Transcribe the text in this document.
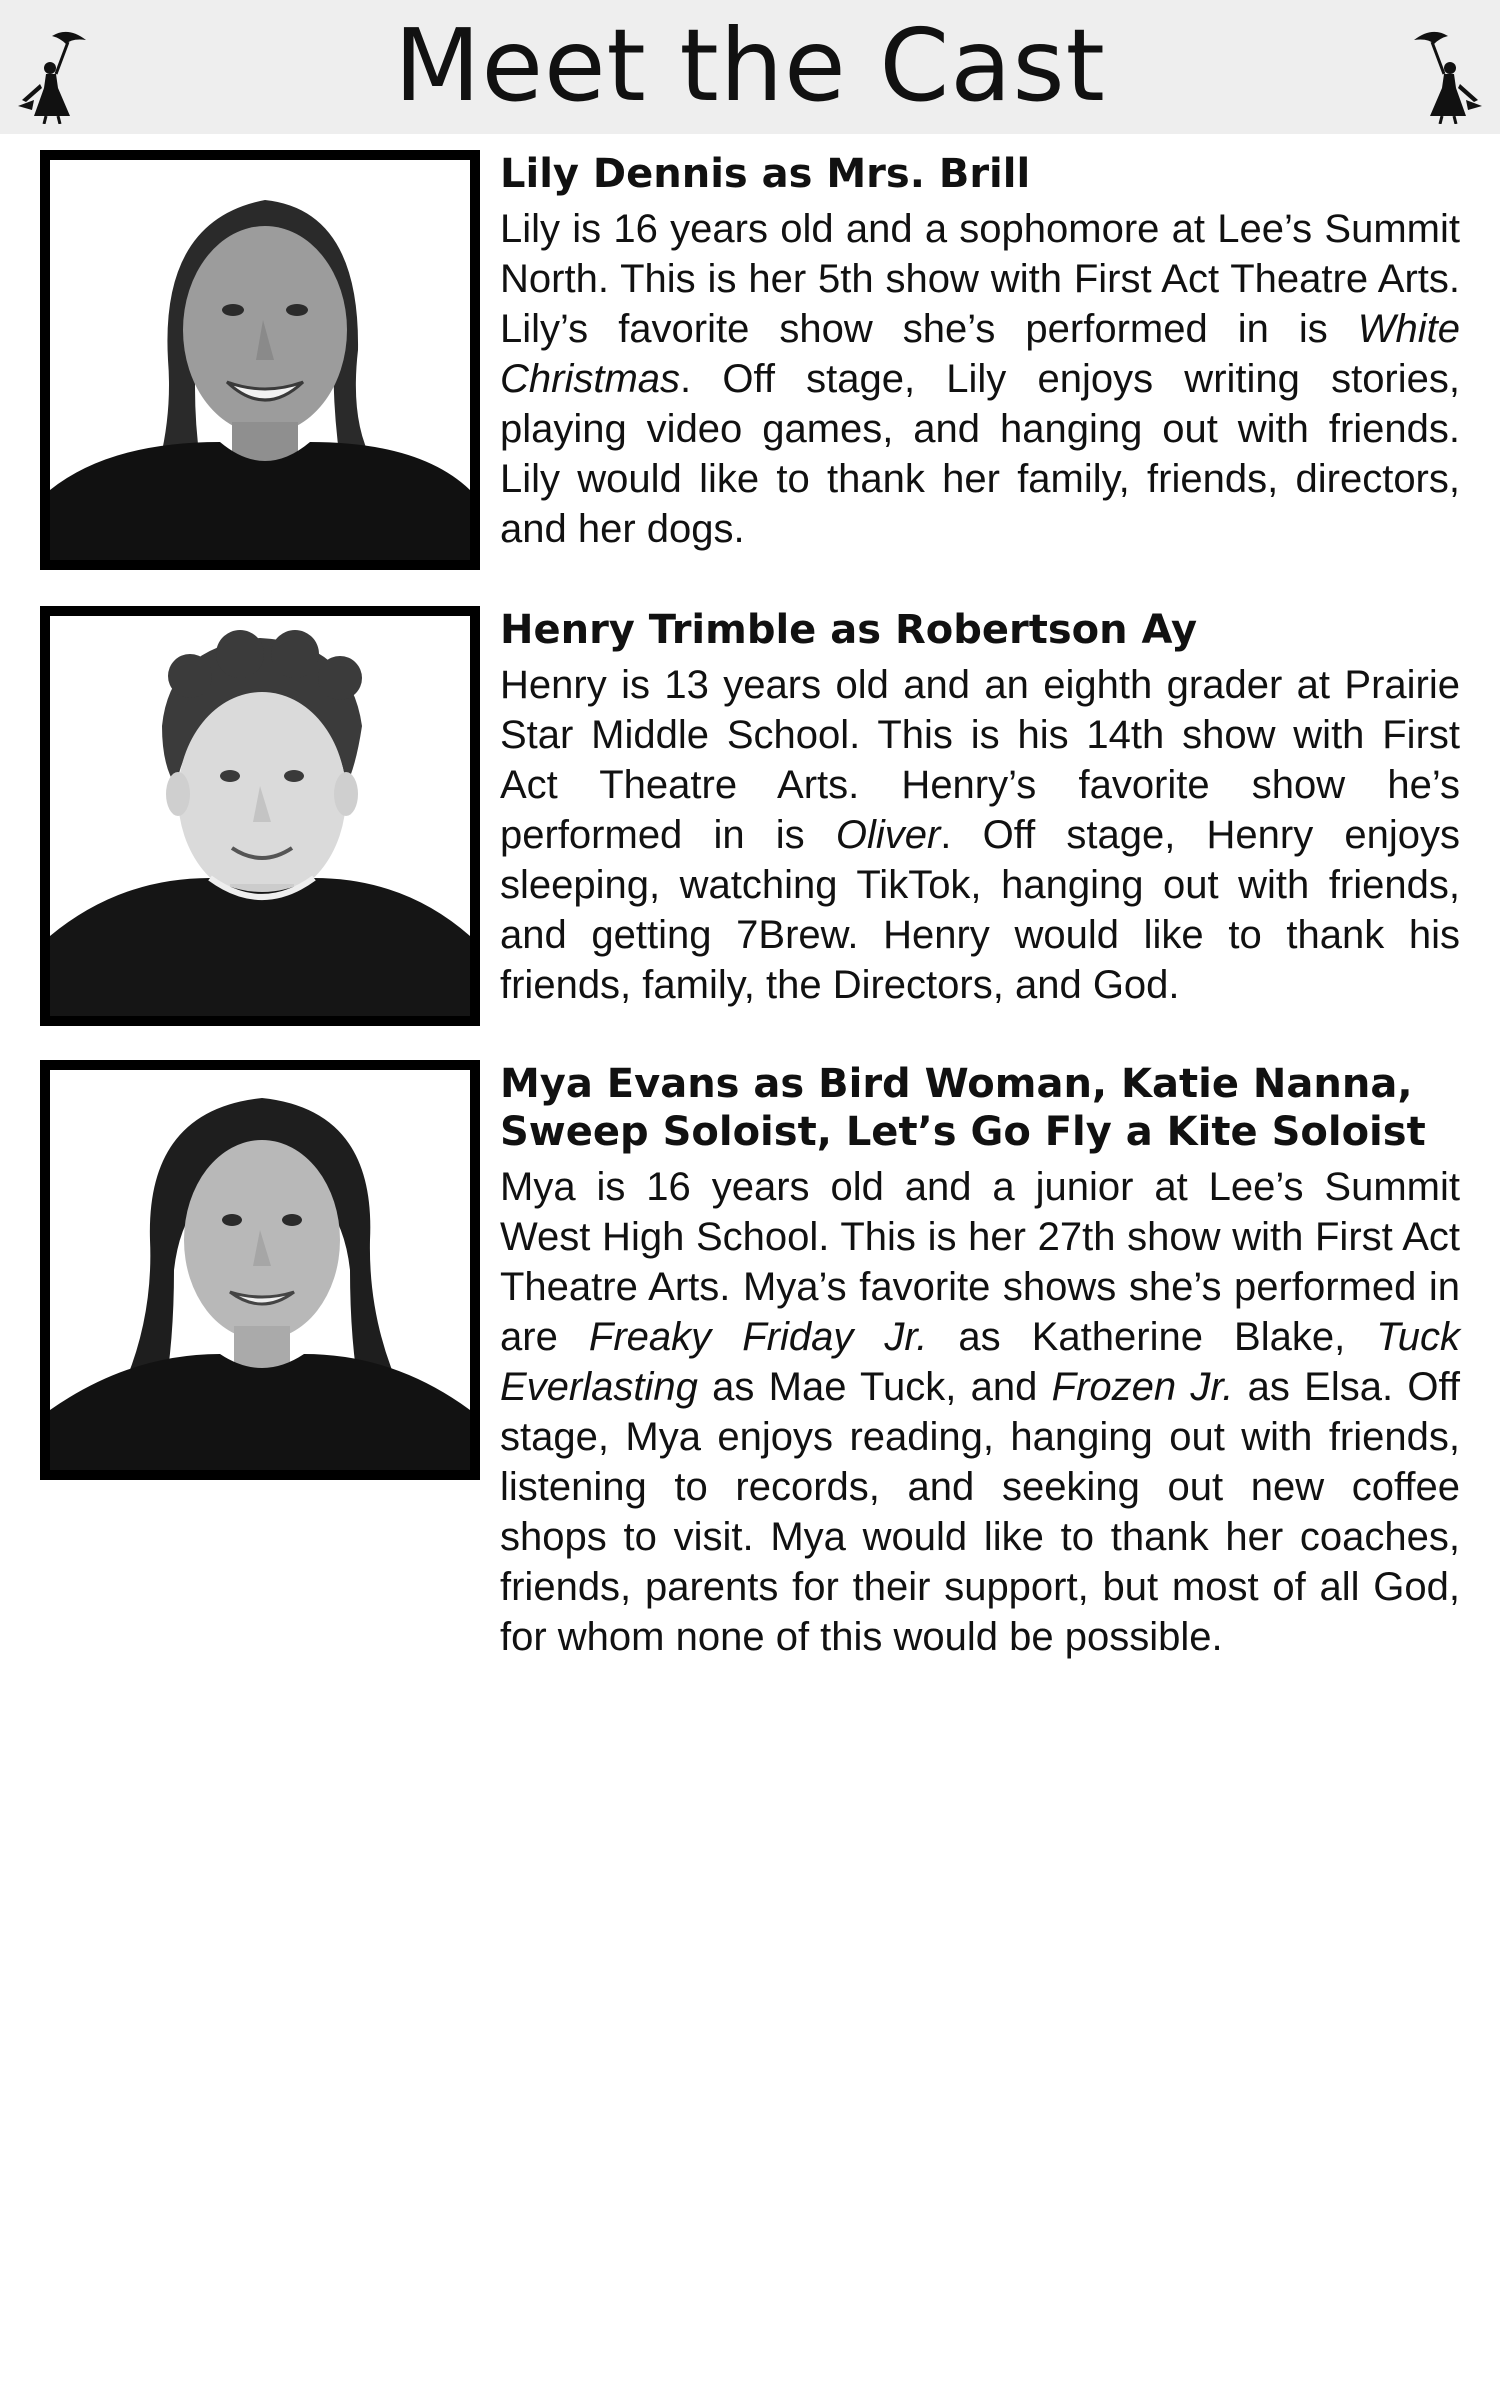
Meet the Cast
Lily Dennis as Mrs. Brill

Lily is 16 years old and a sophomore at Lee’s Summit North. This is her 5th show with First Act Theatre Arts. Lily’s favorite show she’s performed in is White Christmas. Off stage, Lily enjoys writing stories, playing video games, and hanging out with friends. Lily would like to thank her family, friends, directors, and her dogs.

Henry Trimble as Robertson Ay

Henry is 13 years old and an eighth grader at Prairie Star Middle School. This is his 14th show with First Act Theatre Arts. Henry’s favorite show he’s performed in is Oliver. Off stage, Henry enjoys sleeping, watching TikTok, hanging out with friends, and getting 7Brew. Henry would like to thank his friends, family, the Directors, and God.

Mya Evans as Bird Woman, Katie Nanna, Sweep Soloist, Let’s Go Fly a Kite Soloist

Mya is 16 years old and a junior at Lee’s Summit West High School. This is her 27th show with First Act Theatre Arts. Mya’s favorite shows she’s performed in are Freaky Friday Jr. as Katherine Blake, Tuck Everlasting as Mae Tuck, and Frozen Jr. as Elsa. Off stage, Mya enjoys reading, hanging out with friends, listening to records, and seeking out new coffee shops to visit. Mya would like to thank her coaches, friends, parents for their support, but most of all God, for whom none of this would be possible.
